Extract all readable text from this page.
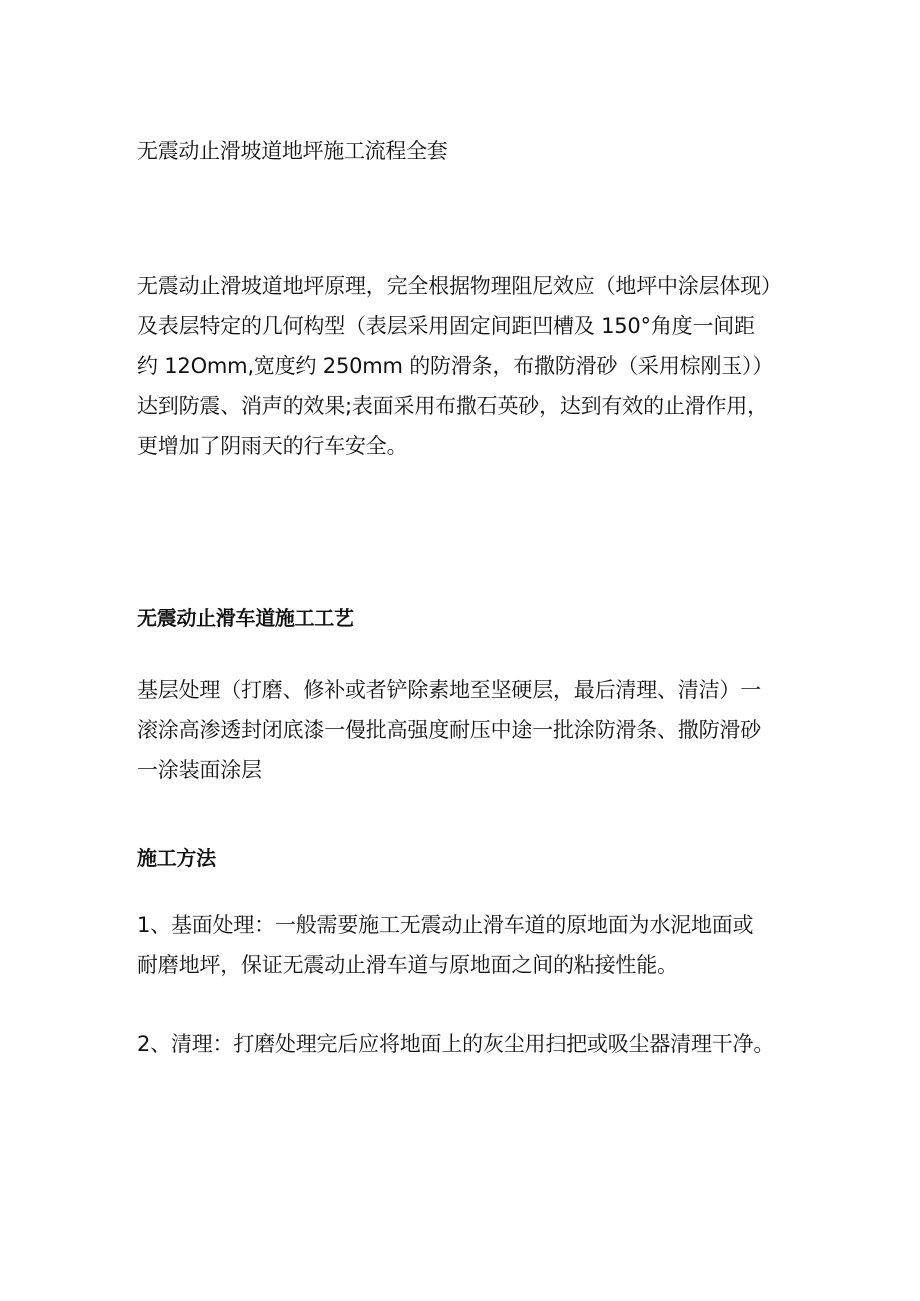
无震动止滑坡道地坪施工流程全套
无震动止滑坡道地坪原理，完全根据物理阻尼效应（地坪中涂层体现）
及表层特定的几何构型（表层采用固定间距凹槽及 150°角度一间距
约 12Omm,宽度约 250mm 的防滑条，布撒防滑砂（采用棕刚玉））
达到防震、消声的效果;表面采用布撒石英砂，达到有效的止滑作用，
更增加了阴雨天的行车安全。
无震动止滑车道施工工艺
基层处理（打磨、修补或者铲除素地至坚硬层，最后清理、清洁）一
滚涂高渗透封闭底漆一僈批高强度耐压中途一批涂防滑条、撒防滑砂
一涂装面涂层
施工方法
1、基面处理：一般需要施工无震动止滑车道的原地面为水泥地面或
耐磨地坪，保证无震动止滑车道与原地面之间的粘接性能。
2、清理：打磨处理完后应将地面上的灰尘用扫把或吸尘器清理干净。
